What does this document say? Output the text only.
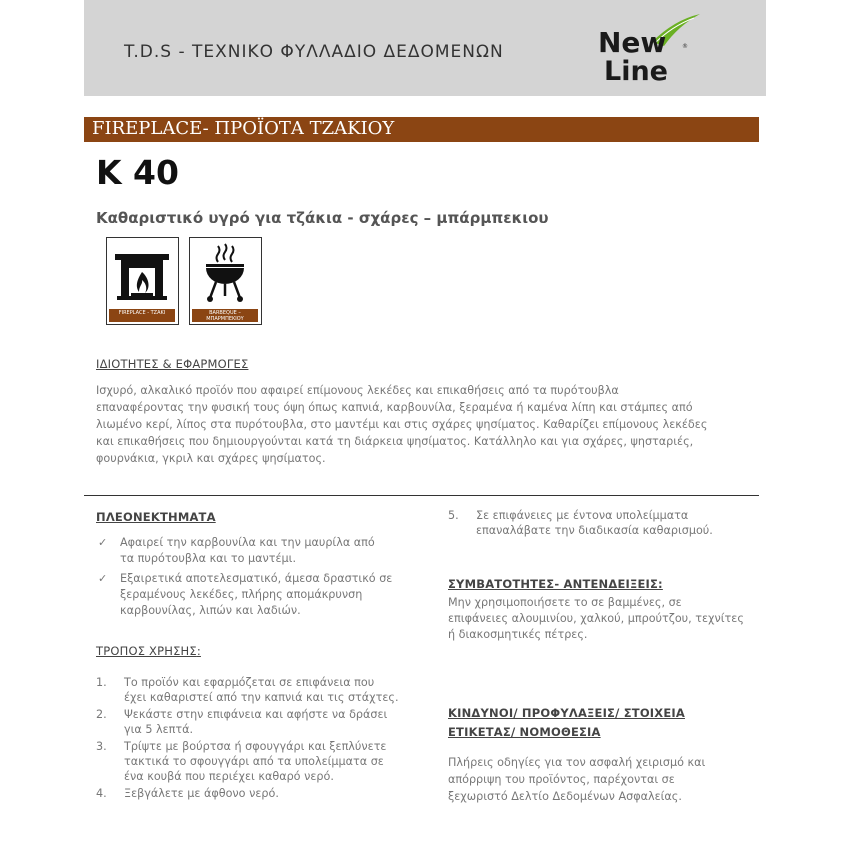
T.D.S - ΤΕΧΝΙΚΟ ΦΥΛΛΑΔΙΟ ΔΕΔΟΜΕΝΩΝ	New
Line
®
FIREPLACE- ΠΡΟΪΟΤΑ ΤΖΑΚΙΟΥ
K 40
Καθαριστικό υγρό για τζάκια - σχάρες – μπάρμπεκιου
FIREPLACE - ΤΖΑΚΙ	BARBEQUE – ΜΠΑΡΜΠΕΚΙΟΥ
ΙΔΙΟΤΗΤΕΣ & ΕΦΑΡΜΟΓΕΣ
Ισχυρό, αλκαλικό προϊόν που αφαιρεί επίμονους λεκέδες και επικαθήσεις από τα πυρότουβλα
επαναφέροντας την φυσική τους όψη όπως καπνιά, καρβουνίλα, ξεραμένα ή καμένα λίπη και στάμπες από
λιωμένο κερί, λίπος στα πυρότουβλα, στο μαντέμι και στις σχάρες ψησίματος. Καθαρίζει επίμονους λεκέδες
και επικαθήσεις που δημιουργούνται κατά τη διάρκεια ψησίματος. Κατάλληλο και για σχάρες, ψησταριές,
φουρνάκια, γκριλ και σχάρες ψησίματος.
ΠΛΕΟΝΕΚΤΗΜΑΤΑ
✓ Αφαιρεί την καρβουνίλα και την μαυρίλα από
τα πυρότουβλα και το μαντέμι.
✓ Εξαιρετικά αποτελεσματικό, άμεσα δραστικό σε
ξεραμένους λεκέδες, πλήρης απομάκρυνση
καρβουνίλας, λιπών και λαδιών.
ΤΡΟΠΟΣ ΧΡΗΣΗΣ:
1. Το προϊόν και εφαρμόζεται σε επιφάνεια που
έχει καθαριστεί από την καπνιά και τις στάχτες.
2. Ψεκάστε στην επιφάνεια και αφήστε να δράσει
για 5 λεπτά.
3. Τρίψτε με βούρτσα ή σφουγγάρι και ξεπλύνετε
τακτικά το σφουγγάρι από τα υπολείμματα σε
ένα κουβά που περιέχει καθαρό νερό.
4. Ξεβγάλετε με άφθονο νερό.
5. Σε επιφάνειες με έντονα υπολείμματα
επαναλάβατε την διαδικασία καθαρισμού.
ΣΥΜΒΑΤΟΤΗΤΕΣ- ΑΝΤΕΝΔΕΙΞΕΙΣ:
Μην χρησιμοποιήσετε το σε βαμμένες, σε
επιφάνειες αλουμινίου, χαλκού, μπρούτζου, τεχνίτες
ή διακοσμητικές πέτρες.
ΚΙΝΔΥΝΟΙ/ ΠΡΟΦΥΛΑΞΕΙΣ/ ΣΤΟΙΧΕΙΑ
ΕΤΙΚΕΤΑΣ/ ΝΟΜΟΘΕΣΙΑ
Πλήρεις οδηγίες για τον ασφαλή χειρισμό και
απόρριψη του προϊόντος, παρέχονται σε
ξεχωριστό Δελτίο Δεδομένων Ασφαλείας.
